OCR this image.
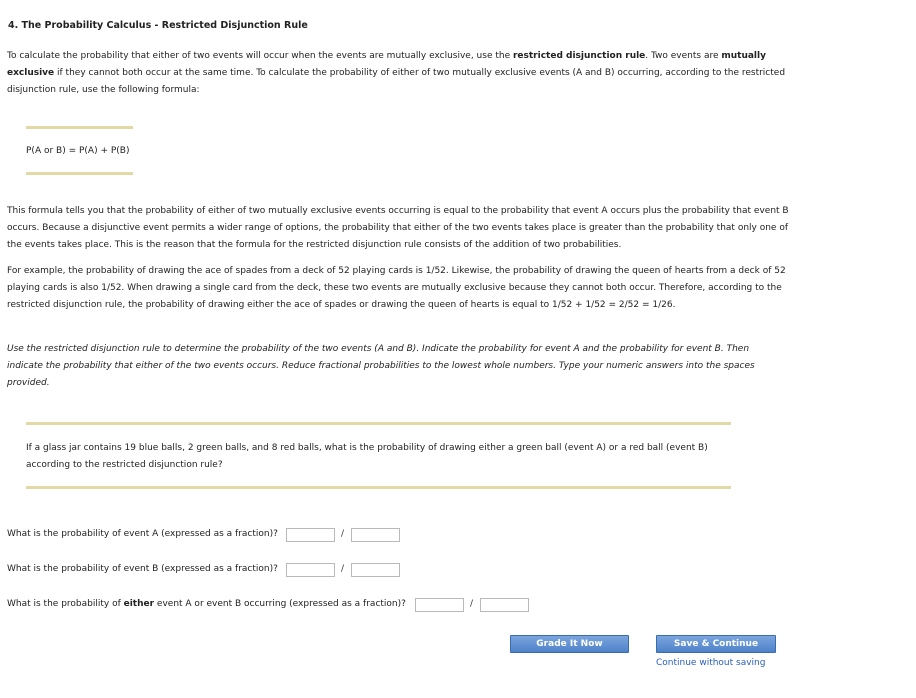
4. The Probability Calculus - Restricted Disjunction Rule
To calculate the probability that either of two events will occur when the events are mutually exclusive, use the restricted disjunction rule. Two events are mutually exclusive if they cannot both occur at the same time. To calculate the probability of either of two mutually exclusive events (A and B) occurring, according to the restricted disjunction rule, use the following formula:
P(A or B) = P(A) + P(B)
This formula tells you that the probability of either of two mutually exclusive events occurring is equal to the probability that event A occurs plus the probability that event B occurs. Because a disjunctive event permits a wider range of options, the probability that either of the two events takes place is greater than the probability that only one of the events takes place. This is the reason that the formula for the restricted disjunction rule consists of the addition of two probabilities.
For example, the probability of drawing the ace of spades from a deck of 52 playing cards is 1/52. Likewise, the probability of drawing the queen of hearts from a deck of 52 playing cards is also 1/52. When drawing a single card from the deck, these two events are mutually exclusive because they cannot both occur. Therefore, according to the restricted disjunction rule, the probability of drawing either the ace of spades or drawing the queen of hearts is equal to 1/52 + 1/52 = 2/52 = 1/26.
Use the restricted disjunction rule to determine the probability of the two events (A and B). Indicate the probability for event A and the probability for event B. Then indicate the probability that either of the two events occurs. Reduce fractional probabilities to the lowest whole numbers. Type your numeric answers into the spaces provided.
If a glass jar contains 19 blue balls, 2 green balls, and 8 red balls, what is the probability of drawing either a green ball (event A) or a red ball (event B) according to the restricted disjunction rule?
What is the probability of event A (expressed as a fraction)?	/
What is the probability of event B (expressed as a fraction)?	/
What is the probability of either event A or event B occurring (expressed as a fraction)?	/
Grade It Now	Save & Continue
Continue without saving
